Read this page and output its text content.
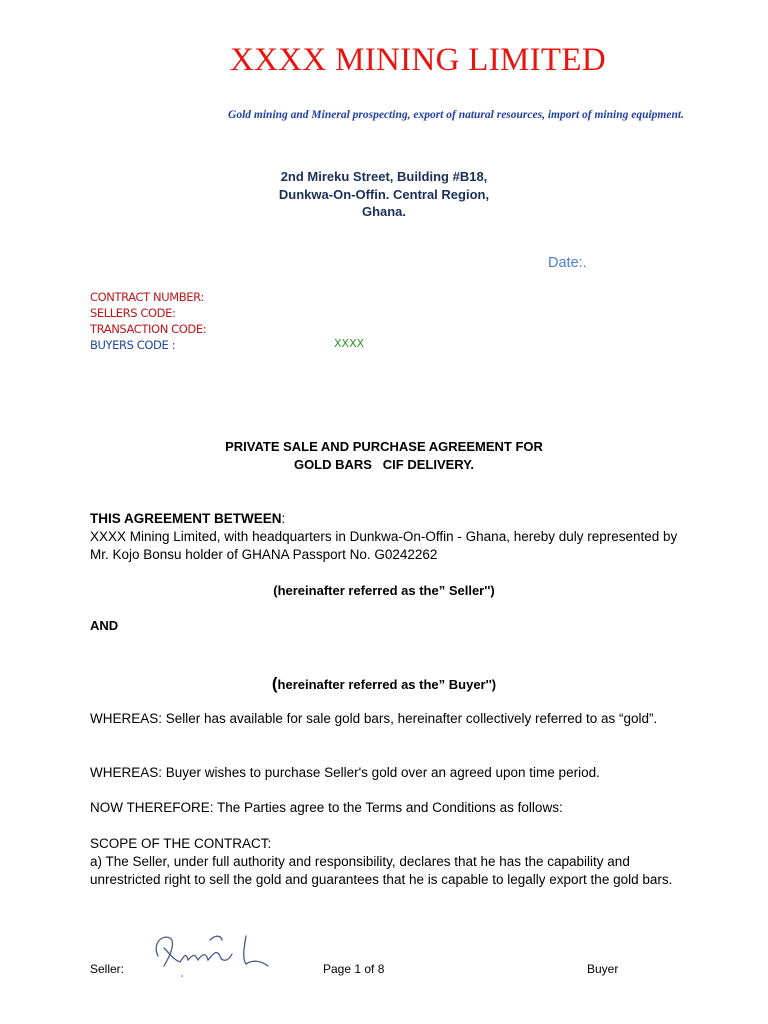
XXXX MINING LIMITED
Gold mining and Mineral prospecting, export of natural resources, import of mining equipment.
2nd Mireku Street, Building #B18,
Dunkwa-On-Offin. Central Region,
Ghana.
Date:.
CONTRACT NUMBER:
SELLERS CODE:
TRANSACTION CODE:
BUYERS CODE :	XXXX
PRIVATE SALE AND PURCHASE AGREEMENT FOR
GOLD BARS   CIF DELIVERY.
THIS AGREEMENT BETWEEN:
XXXX Mining Limited, with headquarters in Dunkwa-On-Offin - Ghana, hereby duly represented by Mr. Kojo Bonsu holder of GHANA Passport No. G0242262
(hereinafter referred as the” Seller'')
AND
(hereinafter referred as the” Buyer'')
WHEREAS: Seller has available for sale gold bars, hereinafter collectively referred to as “gold”.
WHEREAS: Buyer wishes to purchase Seller's gold over an agreed upon time period.
NOW THEREFORE: The Parties agree to the Terms and Conditions as follows:
SCOPE OF THE CONTRACT:
a) The Seller, under full authority and responsibility, declares that he has the capability and unrestricted right to sell the gold and guarantees that he is capable to legally export the gold bars.
Seller:	Page 1 of 8	Buyer
